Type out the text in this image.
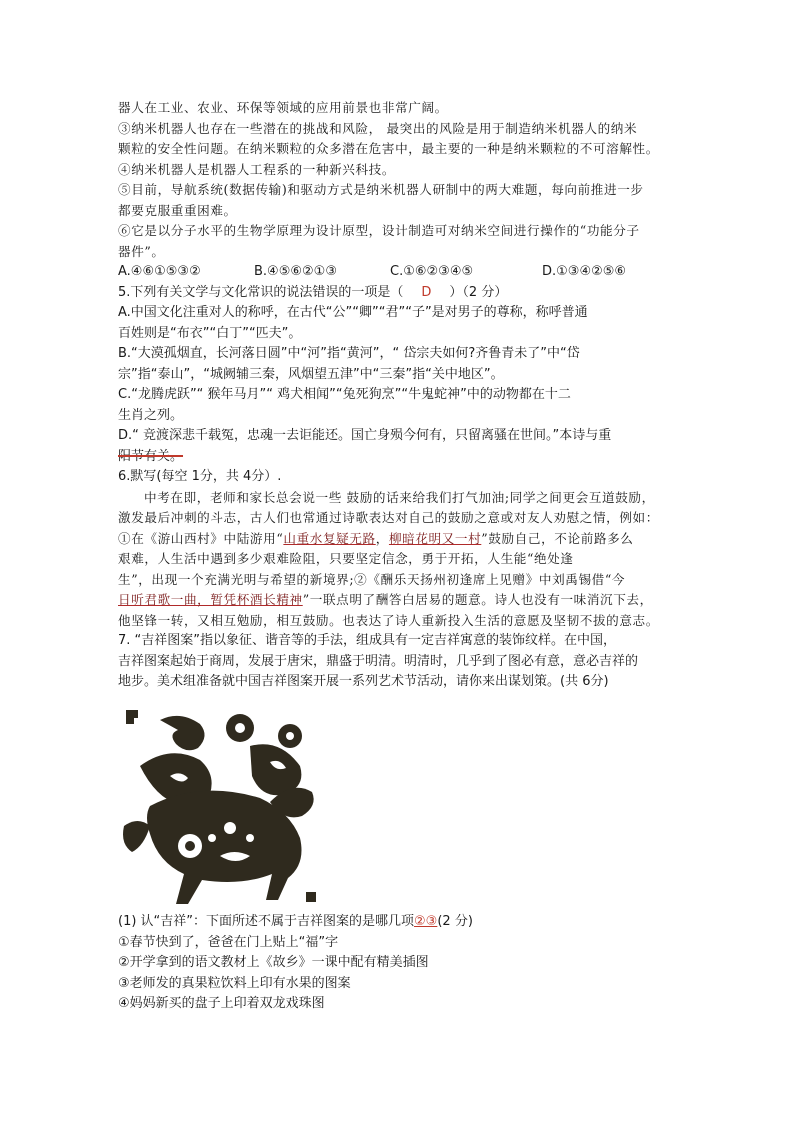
器人在工业、农业、环保等领域的应用前景也非常广阔。

③纳米机器人也存在一些潜在的挑战和风险， 最突出的风险是用于制造纳米机器人的纳米

颗粒的安全性问题。在纳米颗粒的众多潜在危害中，最主要的一种是纳米颗粒的不可溶解性。

④纳米机器人是机器人工程系的一种新兴科技。

⑤目前，导航系统(数据传输)和驱动方式是纳米机器人研制中的两大难题，每向前推进一步

都要克服重重困难。

⑥它是以分子水平的生物学原理为设计原型，设计制造可对纳米空间进行操作的“功能分子

器件”。

A.④⑥①⑤③②	B.④⑤⑥②①③	C.①⑥②③④⑤	D.①③④②⑤⑥

5.下列有关文学与文化常识的说法错误的一项是（ D ）（2 分）

A.中国文化注重对人的称呼，在古代“公”“卿”“君”“子”是对男子的尊称，称呼普通

百姓则是“布衣”“白丁”“匹夫”。

B.“大漠孤烟直，长河落日圆”中“河”指“黄河”，“ 岱宗夫如何?齐鲁青未了”中“岱

宗”指“泰山”，“城阙辅三秦，风烟望五津”中“三秦”指“关中地区”。

C.“龙腾虎跃”“ 猴年马月”“ 鸡犬相闻”“兔死狗烹”“牛鬼蛇神”中的动物都在十二

生肖之列。

D.“ 竞渡深悲千载冤，忠魂一去讵能还。国亡身殒今何有，只留离骚在世间。”本诗与重

阳节有关。

6.默写(每空 1分，共 4分）.

中考在即，老师和家长总会说一些 鼓励的话来给我们打气加油;同学之间更会互道鼓励，

激发最后冲刺的斗志，古人们也常通过诗歌表达对自己的鼓励之意或对友人劝慰之情，例如：

①在《游山西村》中陆游用“山重水复疑无路，柳暗花明又一村”鼓励自己，不论前路多么

艰难，人生活中遇到多少艰难险阻，只要坚定信念，勇于开拓，人生能“绝处逢

生”，出现一个充满光明与希望的新境界;②《酬乐天扬州初逢席上见赠》中刘禹锡借“今

日听君歌一曲，暂凭杯酒长精神”一联点明了酬答白居易的题意。诗人也没有一味消沉下去，

他坚锋一转，又相互勉励，相互鼓励。也表达了诗人重新投入生活的意愿及坚韧不拔的意志。

7. “吉祥图案”指以象征、谐音等的手法，组成具有一定吉祥寓意的装饰纹样。在中国，

吉祥图案起始于商周，发展于唐宋，鼎盛于明清。明清时，几乎到了图必有意，意必吉祥的

地步。美术组准备就中国吉祥图案开展一系列艺术节活动，请你来出谋划策。(共 6分)

(1) 认“吉祥”：下面所述不属于吉祥图案的是哪几项②③(2 分)

①春节快到了，爸爸在门上贴上“福”字

②开学拿到的语文教材上《故乡》一课中配有精美插图

③老师发的真果粒饮料上印有水果的图案

④妈妈新买的盘子上印着双龙戏珠图
